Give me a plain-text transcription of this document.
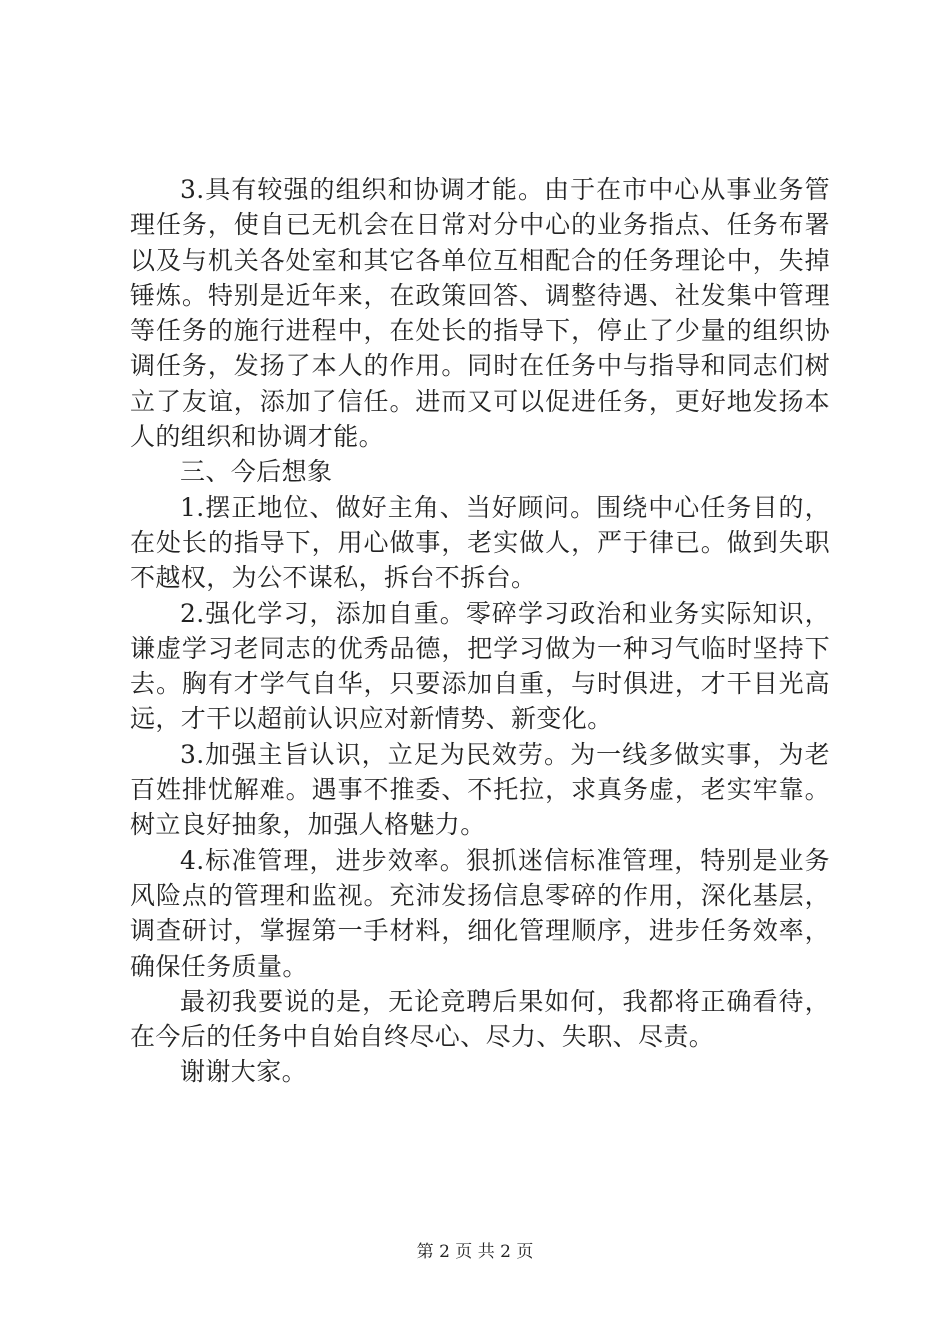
3.具有较强的组织和协调才能。由于在市中心从事业务管理任务，使自已无机会在日常对分中心的业务指点、任务布署以及与机关各处室和其它各单位互相配合的任务理论中，失掉锤炼。特别是近年来，在政策回答、调整待遇、社发集中管理等任务的施行进程中，在处长的指导下，停止了少量的组织协调任务，发扬了本人的作用。同时在任务中与指导和同志们树立了友谊，添加了信任。进而又可以促进任务，更好地发扬本人的组织和协调才能。

三、今后想象

1.摆正地位、做好主角、当好顾问。围绕中心任务目的，在处长的指导下，用心做事，老实做人，严于律已。做到失职不越权，为公不谋私，拆台不拆台。

2.强化学习，添加自重。零碎学习政治和业务实际知识，谦虚学习老同志的优秀品德，把学习做为一种习气临时坚持下去。胸有才学气自华，只要添加自重，与时俱进，才干目光高远，才干以超前认识应对新情势、新变化。

3.加强主旨认识，立足为民效劳。为一线多做实事，为老百姓排忧解难。遇事不推委、不托拉，求真务虚，老实牢靠。树立良好抽象，加强人格魅力。

4.标准管理，进步效率。狠抓迷信标准管理，特别是业务风险点的管理和监视。充沛发扬信息零碎的作用，深化基层，调查研讨，掌握第一手材料，细化管理顺序，进步任务效率，确保任务质量。

最初我要说的是，无论竞聘后果如何，我都将正确看待，在今后的任务中自始自终尽心、尽力、失职、尽责。

谢谢大家。

第 2 页 共 2 页
